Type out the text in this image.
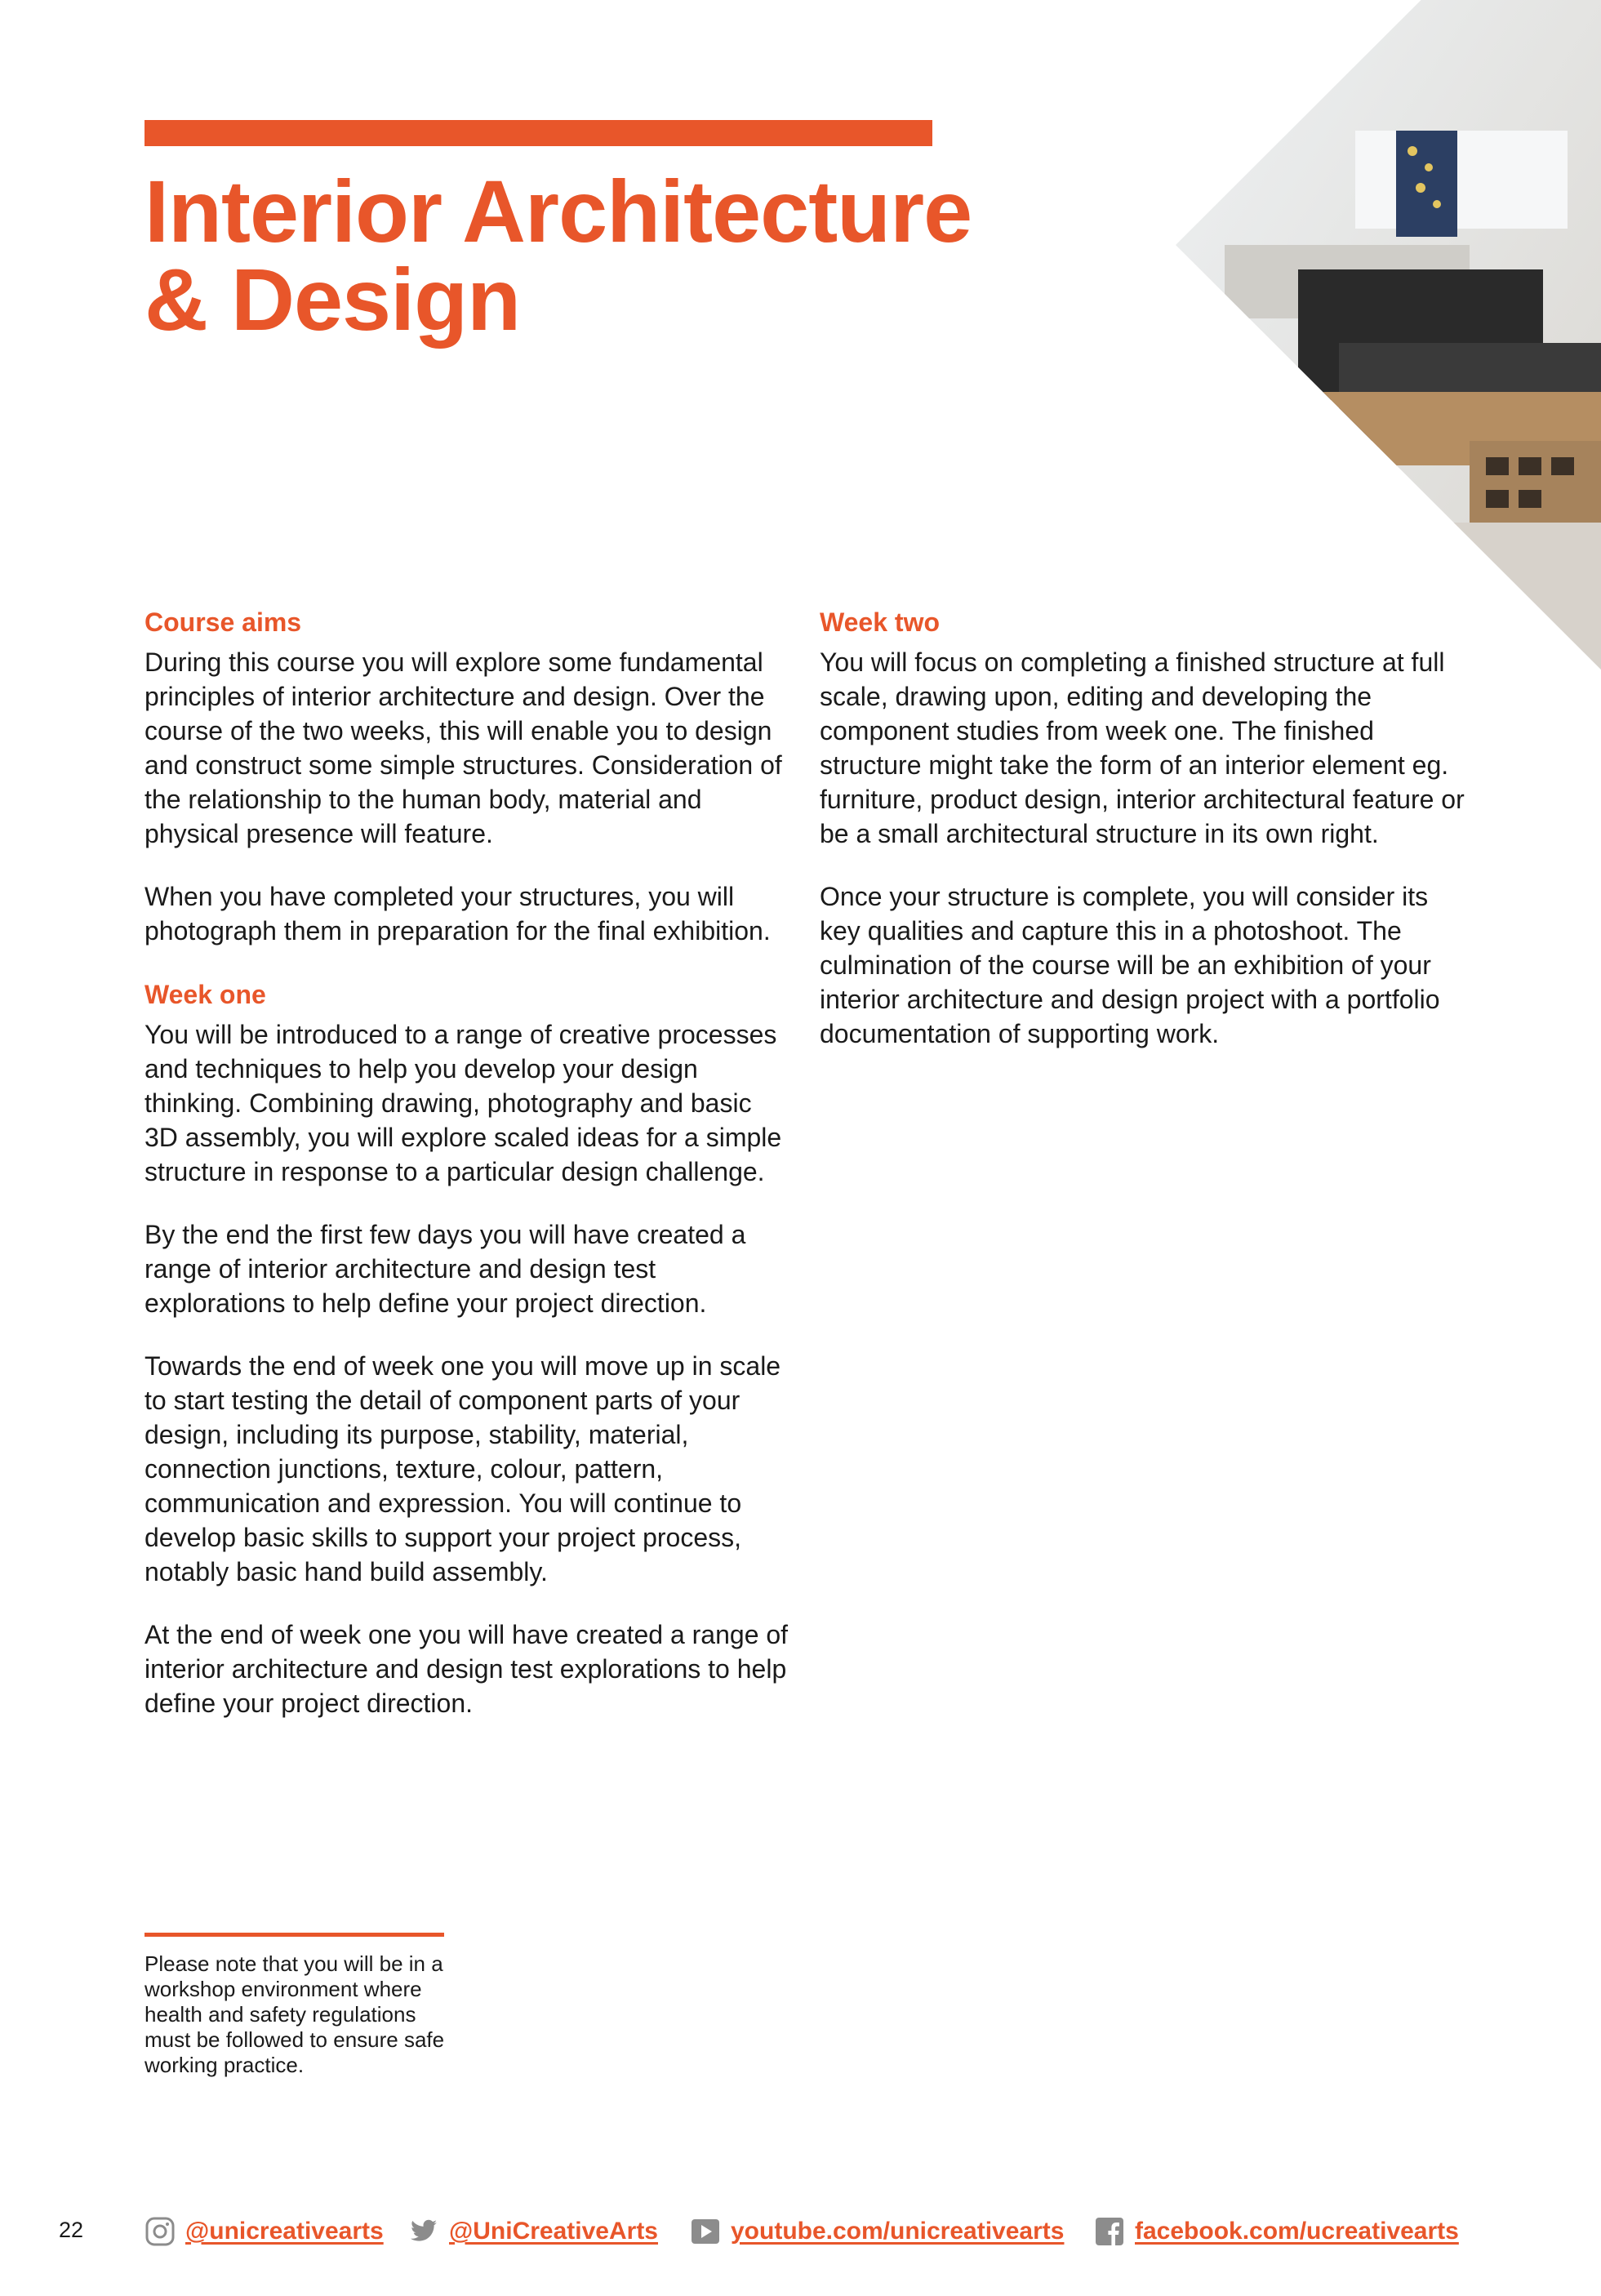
Interior Architecture
& Design
Course aims

During this course you will explore some fundamental principles of interior architecture and design. Over the course of the two weeks, this will enable you to design and construct some simple structures. Consideration of the relationship to the human body, material and physical presence will feature.

When you have completed your structures, you will photograph them in preparation for the final exhibition.

Week one

You will be introduced to a range of creative processes and techniques to help you develop your design thinking. Combining drawing, photography and basic 3D assembly, you will explore scaled ideas for a simple structure in response to a particular design challenge.

By the end the first few days you will have created a range of interior architecture and design test explorations to help define your project direction.

Towards the end of week one you will move up in scale to start testing the detail of component parts of your design, including its purpose, stability, material, connection junctions, texture, colour, pattern, communication and expression. You will continue to develop basic skills to support your project process, notably basic hand build assembly.

At the end of week one you will have created a range of interior architecture and design test explorations to help define your project direction.

Week two

You will focus on completing a finished structure at full scale, drawing upon, editing and developing the component studies from week one. The finished structure might take the form of an interior element eg. furniture, product design, interior architectural feature or be a small architectural structure in its own right.

Once your structure is complete, you will consider its key qualities and capture this in a photoshoot. The culmination of the course will be an exhibition of your interior architecture and design project with a portfolio documentation of supporting work.

Please note that you will be in a workshop environment where health and safety regulations must be followed to ensure safe working practice.

22	@unicreativearts	@UniCreativeArts	youtube.com/unicreativearts	facebook.com/ucreativearts
